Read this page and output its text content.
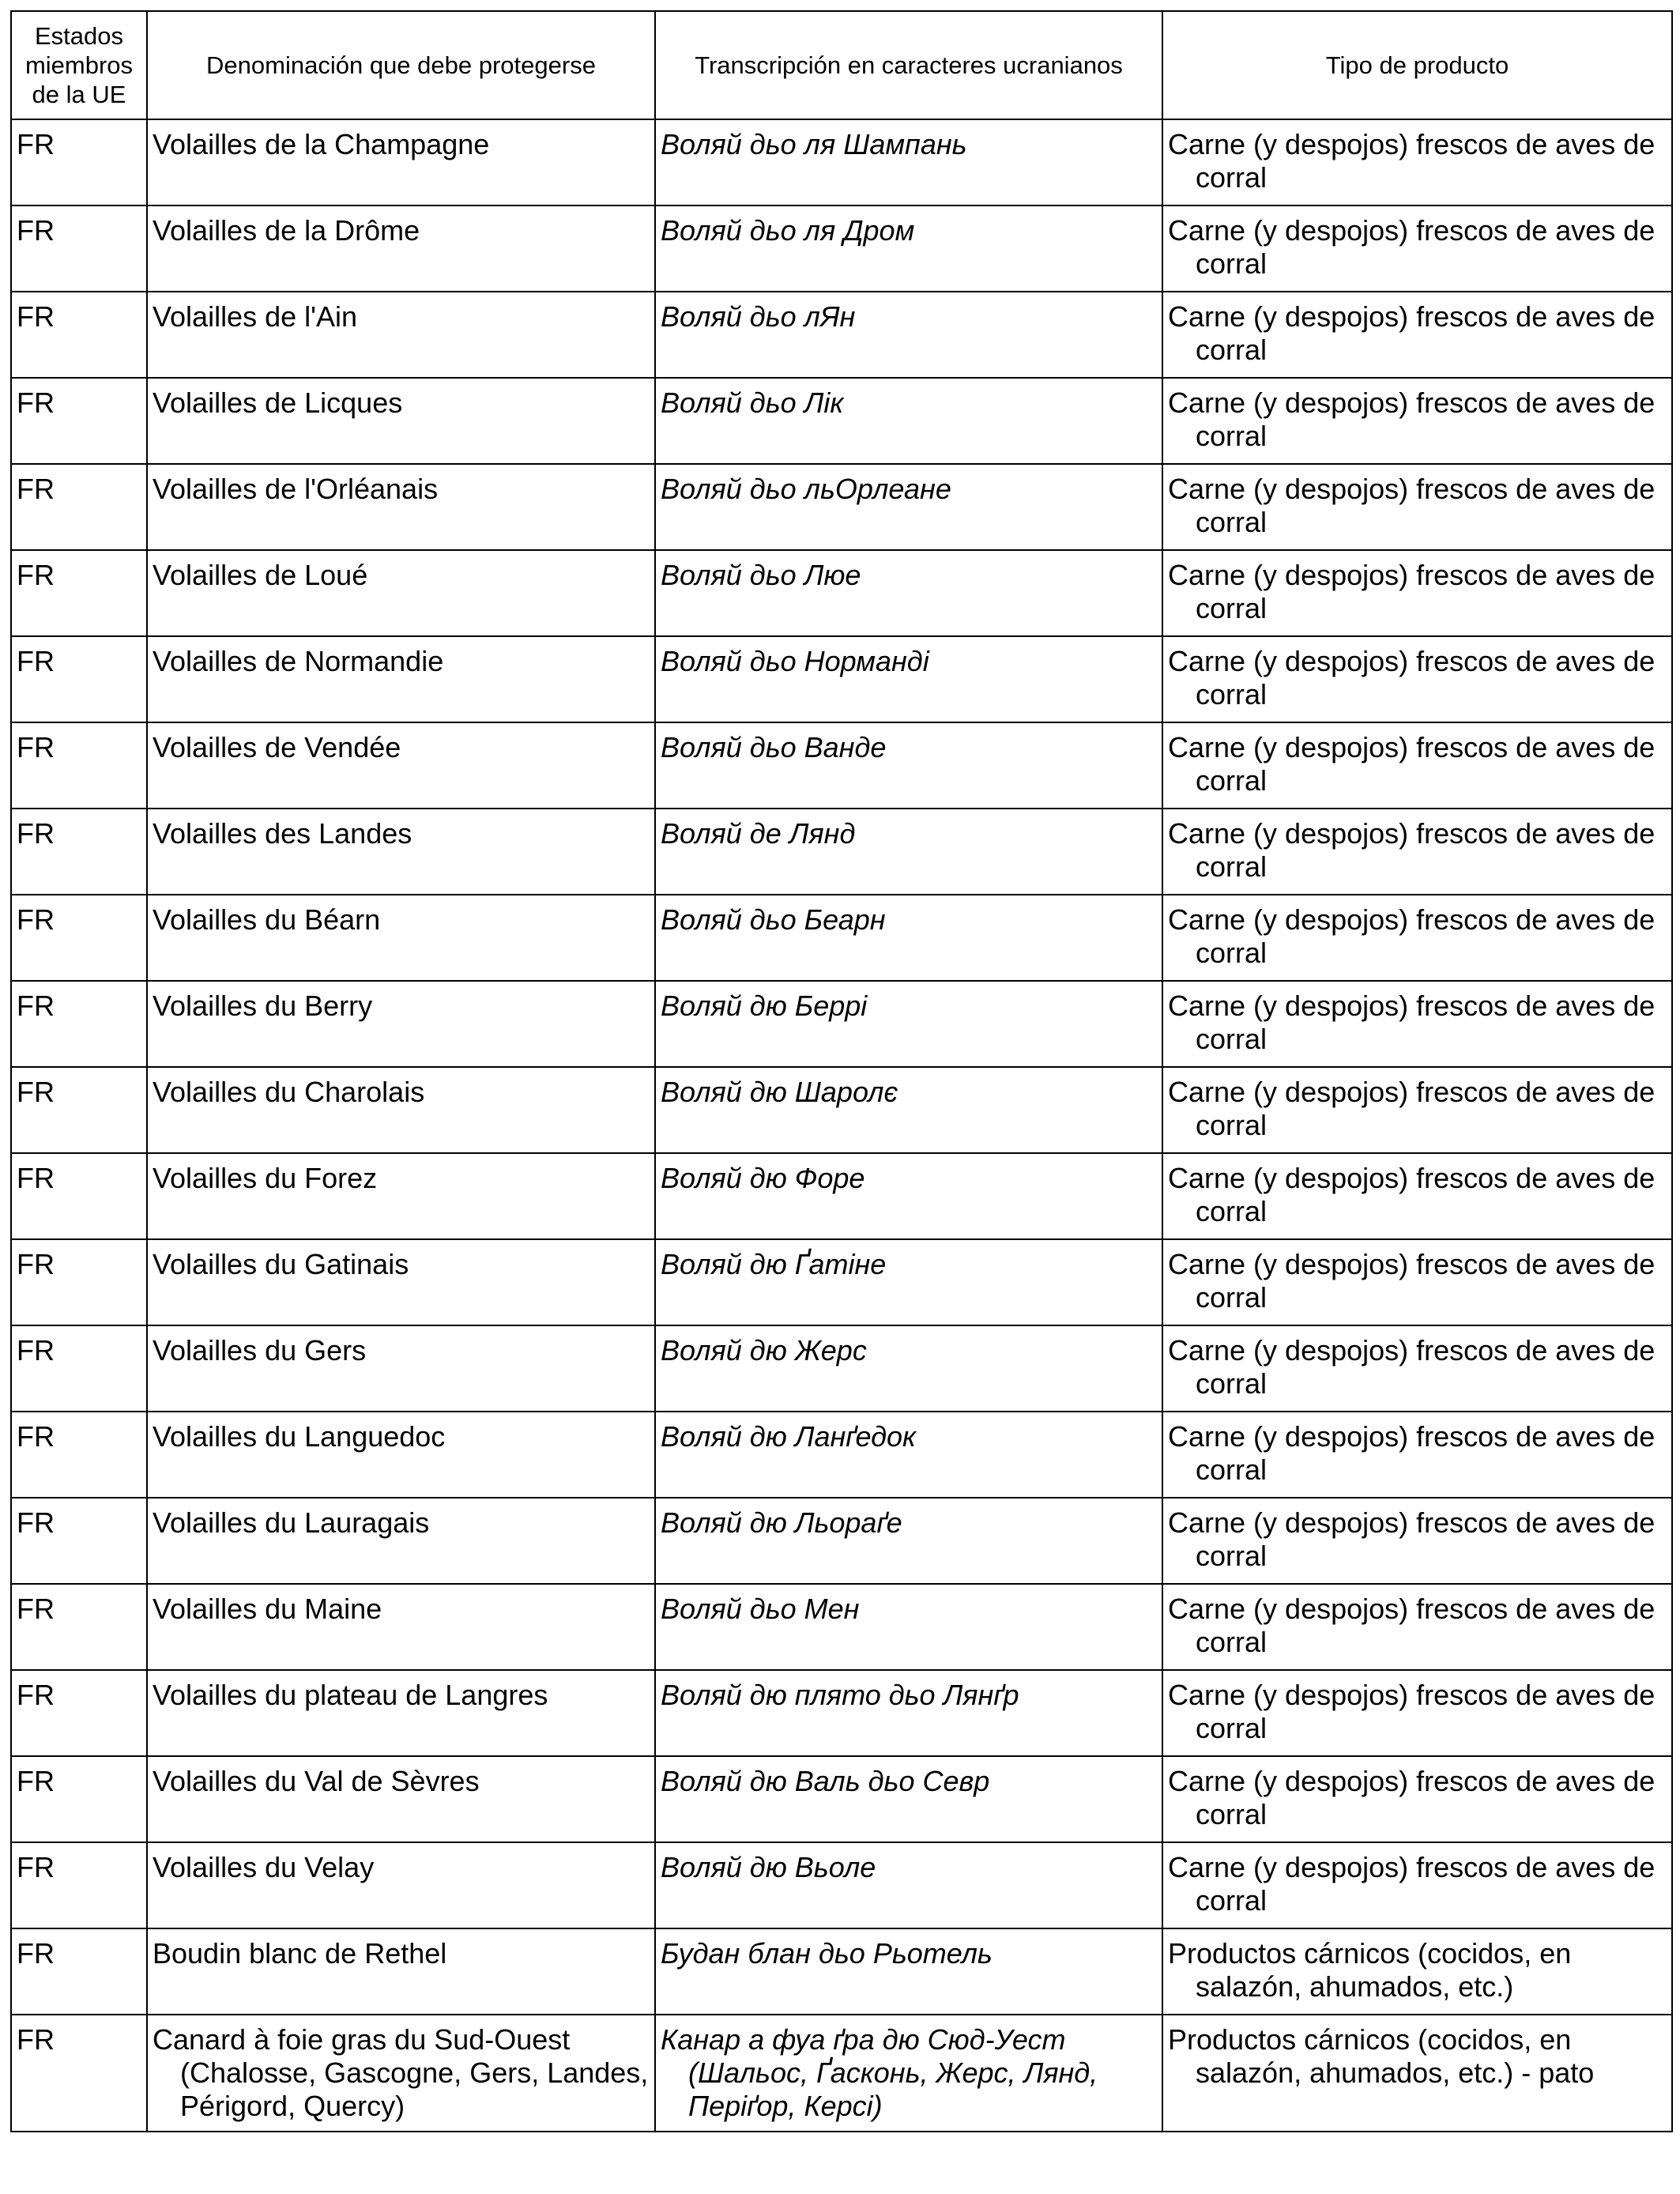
Estados miembros de la UE	Denominación que debe protegerse	Transcripción en caracteres ucranianos	Tipo de producto

FR	Volailles de la Champagne	Воляй дьо ля Шампань	Carne (y despojos) frescos de aves de corral

FR	Volailles de la Drôme	Воляй дьо ля Дром	Carne (y despojos) frescos de aves de corral

FR	Volailles de l'Ain	Воляй дьо лЯн	Carne (y despojos) frescos de aves de corral

FR	Volailles de Licques	Воляй дьо Лік	Carne (y despojos) frescos de aves de corral

FR	Volailles de l'Orléanais	Воляй дьо льОрлеане	Carne (y despojos) frescos de aves de corral

FR	Volailles de Loué	Воляй дьо Люе	Carne (y despojos) frescos de aves de corral

FR	Volailles de Normandie	Воляй дьо Норманді	Carne (y despojos) frescos de aves de corral

FR	Volailles de Vendée	Воляй дьо Ванде	Carne (y despojos) frescos de aves de corral

FR	Volailles des Landes	Воляй де Лянд	Carne (y despojos) frescos de aves de corral

FR	Volailles du Béarn	Воляй дьо Беарн	Carne (y despojos) frescos de aves de corral

FR	Volailles du Berry	Воляй дю Беррі	Carne (y despojos) frescos de aves de corral

FR	Volailles du Charolais	Воляй дю Шаролє	Carne (y despojos) frescos de aves de corral

FR	Volailles du Forez	Воляй дю Форе	Carne (y despojos) frescos de aves de corral

FR	Volailles du Gatinais	Воляй дю Ґатіне	Carne (y despojos) frescos de aves de corral

FR	Volailles du Gers	Воляй дю Жерс	Carne (y despojos) frescos de aves de corral

FR	Volailles du Languedoc	Воляй дю Ланґедок	Carne (y despojos) frescos de aves de corral

FR	Volailles du Lauragais	Воляй дю Льораґе	Carne (y despojos) frescos de aves de corral

FR	Volailles du Maine	Воляй дьо Мен	Carne (y despojos) frescos de aves de corral

FR	Volailles du plateau de Langres	Воляй дю плято дьо Лянґр	Carne (y despojos) frescos de aves de corral

FR	Volailles du Val de Sèvres	Воляй дю Валь дьо Севр	Carne (y despojos) frescos de aves de corral

FR	Volailles du Velay	Воляй дю Вьоле	Carne (y despojos) frescos de aves de corral

FR	Boudin blanc de Rethel	Будан блан дьо Рьотель	Productos cárnicos (cocidos, en salazón, ahumados, etc.)

FR	Canard à foie gras du Sud-Ouest (Chalosse, Gascogne, Gers, Landes, Périgord, Quercy)	Канар а фуа ґра дю Сюд-Уест (Шальос, Ґасконь, Жерс, Лянд, Періґор, Керсі)	Productos cárnicos (cocidos, en salazón, ahumados, etc.) - pato
